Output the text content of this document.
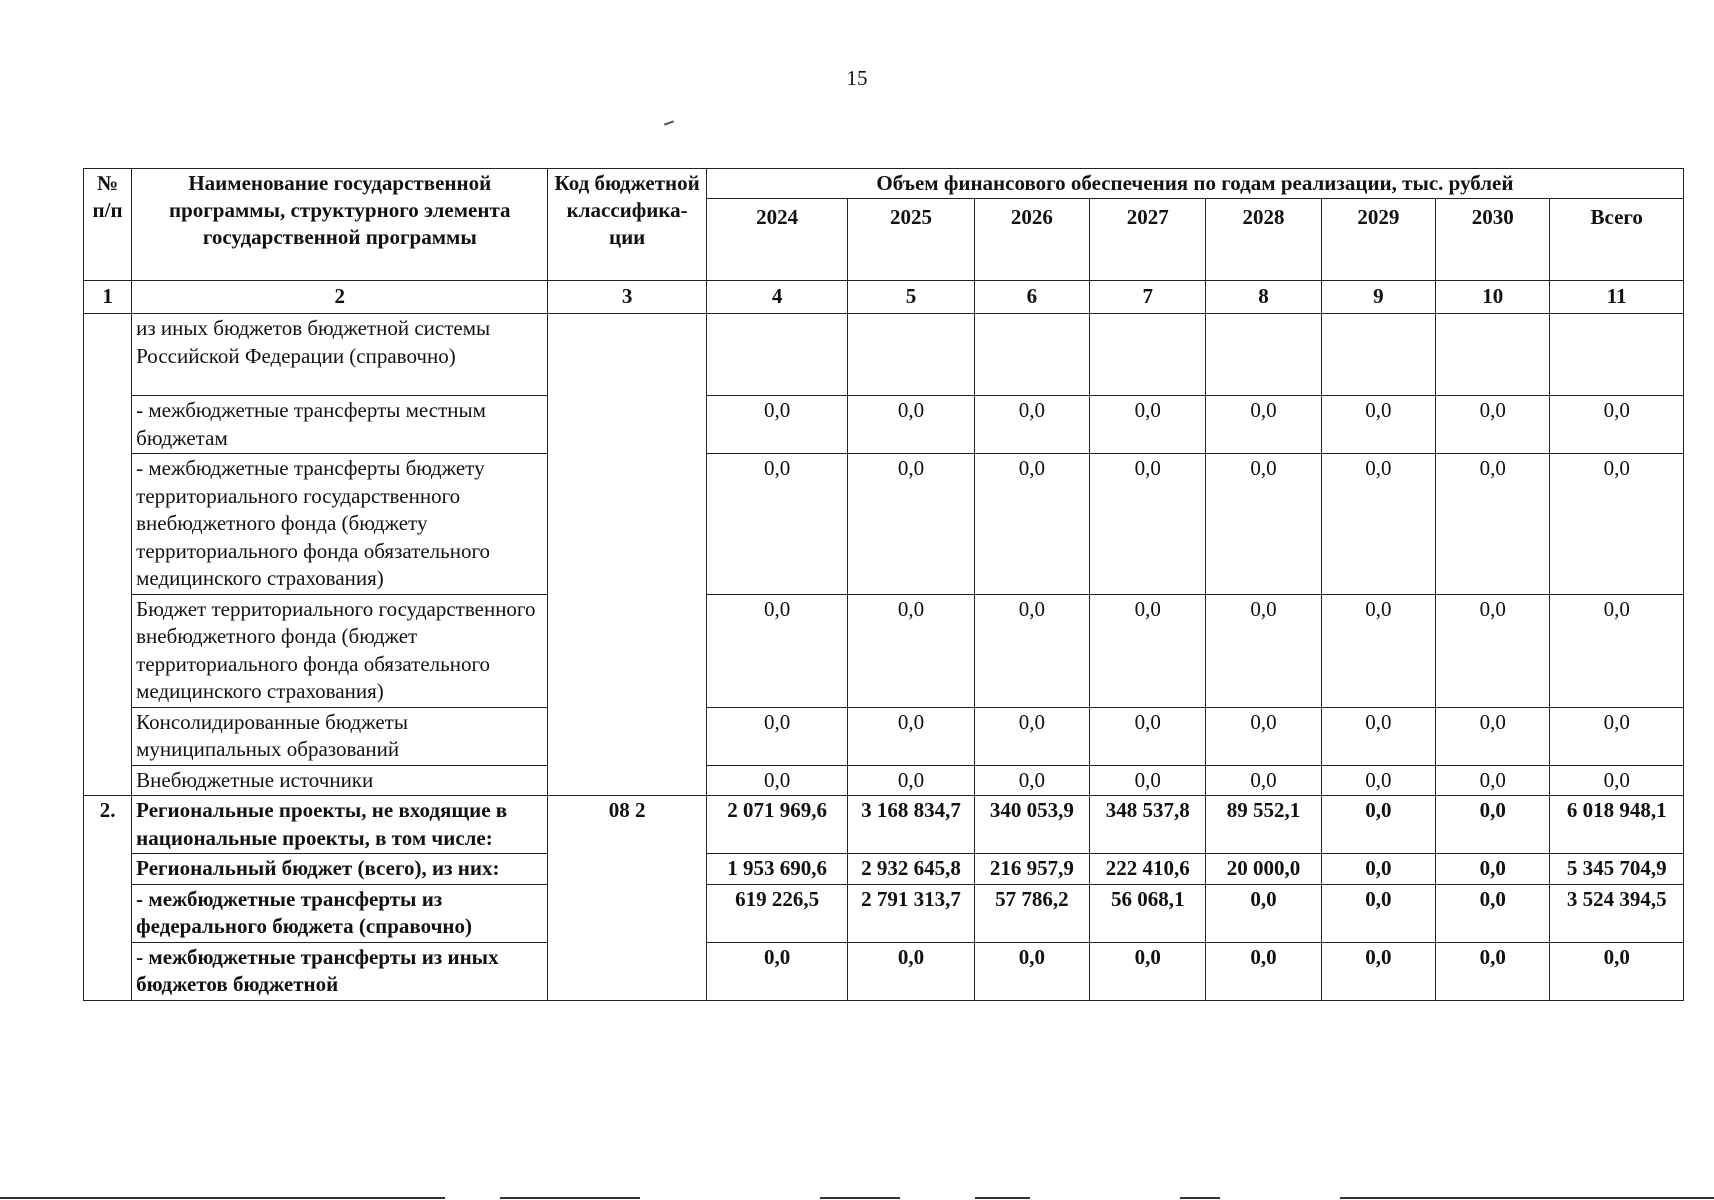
15
№ п/п	Наименование государственной программы, структурного элемента государственной программы	Код бюджетной классифика-ции	Объем финансового обеспечения по годам реализации, тыс. рублей							
			2024	2025	2026	2027	2028	2029	2030	Всего
1	2	3	4	5	6	7	8	9	10	11
	из иных бюджетов бюджетной системы Российской Федерации (справочно)									
	- межбюджетные трансферты местным бюджетам		0,0	0,0	0,0	0,0	0,0	0,0	0,0	0,0
	- межбюджетные трансферты бюджету территориального государственного внебюджетного фонда (бюджету территориального фонда обязательного медицинского страхования)		0,0	0,0	0,0	0,0	0,0	0,0	0,0	0,0
	Бюджет территориального государственного внебюджетного фонда (бюджет территориального фонда обязательного медицинского страхования)		0,0	0,0	0,0	0,0	0,0	0,0	0,0	0,0
	Консолидированные бюджеты муниципальных образований		0,0	0,0	0,0	0,0	0,0	0,0	0,0	0,0
	Внебюджетные источники		0,0	0,0	0,0	0,0	0,0	0,0	0,0	0,0
2.	Региональные проекты, не входящие в национальные проекты, в том числе:	08 2	2 071 969,6	3 168 834,7	340 053,9	348 537,8	89 552,1	0,0	0,0	6 018 948,1
	Региональный бюджет (всего), из них:		1 953 690,6	2 932 645,8	216 957,9	222 410,6	20 000,0	0,0	0,0	5 345 704,9
	- межбюджетные трансферты из федерального бюджета (справочно)		619 226,5	2 791 313,7	57 786,2	56 068,1	0,0	0,0	0,0	3 524 394,5
	- межбюджетные трансферты из иных бюджетов бюджетной		0,0	0,0	0,0	0,0	0,0	0,0	0,0	0,0
